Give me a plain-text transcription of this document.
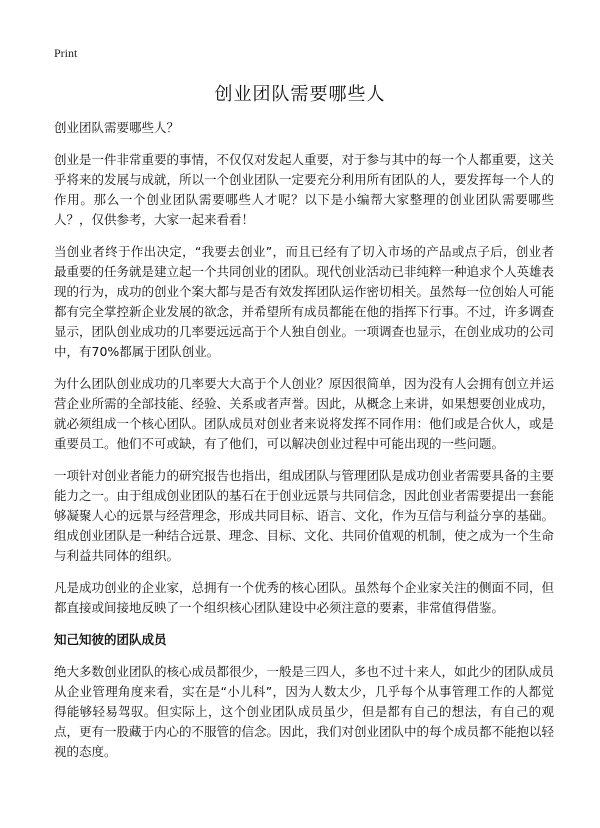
Print
创业团队需要哪些人

创业团队需要哪些人？

创业是一件非常重要的事情，不仅仅对发起人重要，对于参与其中的每一个人都重要，这关乎将来的发展与成就，所以一个创业团队一定要充分利用所有团队的人，要发挥每一个人的作用。那么一个创业团队需要哪些人才呢？以下是小编帮大家整理的创业团队需要哪些人？，仅供参考，大家一起来看看！

当创业者终于作出决定，“我要去创业”，而且已经有了切入市场的产品或点子后，创业者最重要的任务就是建立起一个共同创业的团队。现代创业活动已非纯粹一种追求个人英雄表现的行为，成功的创业个案大都与是否有效发挥团队运作密切相关。虽然每一位创始人可能都有完全掌控新企业发展的欲念，并希望所有成员都能在他的指挥下行事。不过，许多调查显示，团队创业成功的几率要远远高于个人独自创业。一项调查也显示，在创业成功的公司中，有70%都属于团队创业。

为什么团队创业成功的几率要大大高于个人创业？原因很简单，因为没有人会拥有创立并运营企业所需的全部技能、经验、关系或者声誉。因此，从概念上来讲，如果想要创业成功，就必须组成一个核心团队。团队成员对创业者来说将发挥不同作用：他们或是合伙人，或是重要员工。他们不可或缺，有了他们，可以解决创业过程中可能出现的一些问题。

一项针对创业者能力的研究报告也指出，组成团队与管理团队是成功创业者需要具备的主要能力之一。由于组成创业团队的基石在于创业远景与共同信念，因此创业者需要提出一套能够凝聚人心的远景与经营理念，形成共同目标、语言、文化，作为互信与利益分享的基础。组成创业团队是一种结合远景、理念、目标、文化、共同价值观的机制，使之成为一个生命与利益共同体的组织。

凡是成功创业的企业家，总拥有一个优秀的核心团队。虽然每个企业家关注的侧面不同，但都直接或间接地反映了一个组织核心团队建设中必须注意的要素，非常值得借鉴。

知己知彼的团队成员

绝大多数创业团队的核心成员都很少，一般是三四人，多也不过十来人，如此少的团队成员从企业管理角度来看，实在是“小儿科”，因为人数太少，几乎每个从事管理工作的人都觉得能够轻易驾驭。但实际上，这个创业团队成员虽少，但是都有自己的想法，有自己的观点，更有一股藏于内心的不服管的信念。因此，我们对创业团队中的每个成员都不能抱以轻视的态度。
